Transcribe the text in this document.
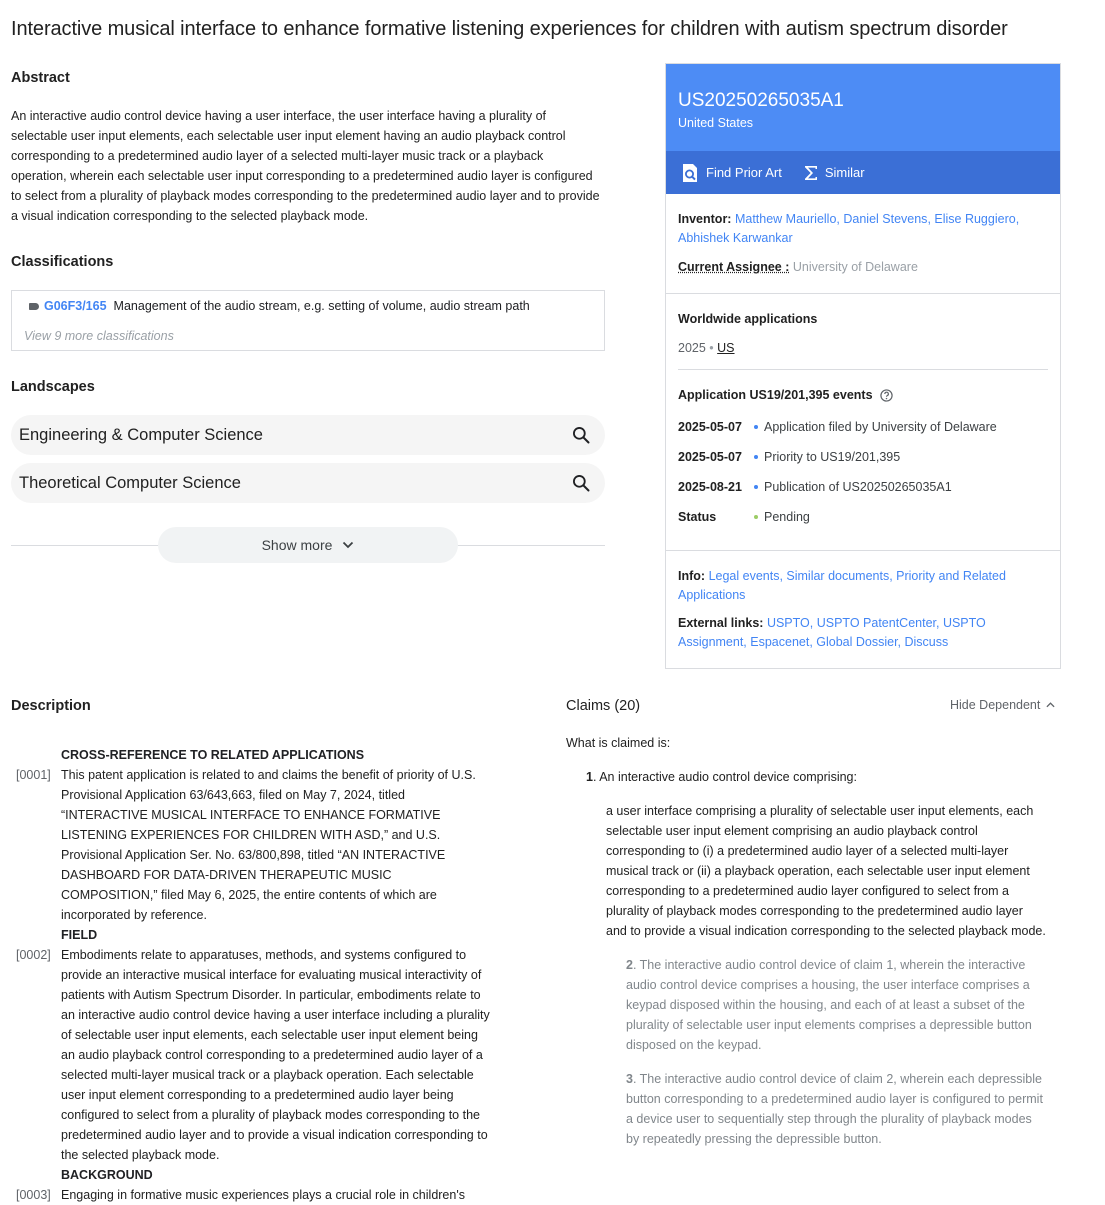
Interactive musical interface to enhance formative listening experiences for children with autism spectrum disorder
Abstract
An interactive audio control device having a user interface, the user interface having a plurality of selectable user input elements, each selectable user input element having an audio playback control corresponding to a predetermined audio layer of a selected multi-layer music track or a playback operation, wherein each selectable user input corresponding to a predetermined audio layer is configured to select from a plurality of playback modes corresponding to the predetermined audio layer and to provide a visual indication corresponding to the selected playback mode.
Classifications
G06F3/165 Management of the audio stream, e.g. setting of volume, audio stream path
View 9 more classifications
Landscapes
Engineering & Computer Science
Theoretical Computer Science
Show more
US20250265035A1
United States
Find Prior Art	Similar
Inventor: Matthew Mauriello, Daniel Stevens, Elise Ruggiero, Abhishek Karwankar
Current Assignee : University of Delaware
Worldwide applications
2025 • US
Application US19/201,395 events
2025-05-07	Application filed by University of Delaware
2025-05-07	Priority to US19/201,395
2025-08-21	Publication of US20250265035A1
Status	Pending
Info: Legal events, Similar documents, Priority and Related Applications
External links: USPTO, USPTO PatentCenter, USPTO Assignment, Espacenet, Global Dossier, Discuss
Description
CROSS-REFERENCE TO RELATED APPLICATIONS
[0001] This patent application is related to and claims the benefit of priority of U.S. Provisional Application 63/643,663, filed on May 7, 2024, titled “INTERACTIVE MUSICAL INTERFACE TO ENHANCE FORMATIVE LISTENING EXPERIENCES FOR CHILDREN WITH ASD,” and U.S. Provisional Application Ser. No. 63/800,898, titled “AN INTERACTIVE DASHBOARD FOR DATA-DRIVEN THERAPEUTIC MUSIC COMPOSITION,” filed May 6, 2025, the entire contents of which are incorporated by reference.
FIELD
[0002] Embodiments relate to apparatuses, methods, and systems configured to provide an interactive musical interface for evaluating musical interactivity of patients with Autism Spectrum Disorder. In particular, embodiments relate to an interactive audio control device having a user interface including a plurality of selectable user input elements, each selectable user input element being an audio playback control corresponding to a predetermined audio layer of a selected multi-layer musical track or a playback operation. Each selectable user input element corresponding to a predetermined audio layer being configured to select from a plurality of playback modes corresponding to the predetermined audio layer and to provide a visual indication corresponding to the selected playback mode.
BACKGROUND
[0003] Engaging in formative music experiences plays a crucial role in children's
Claims (20)	Hide Dependent
What is claimed is:
1. An interactive audio control device comprising:
a user interface comprising a plurality of selectable user input elements, each selectable user input element comprising an audio playback control corresponding to (i) a predetermined audio layer of a selected multi-layer musical track or (ii) a playback operation, each selectable user input element corresponding to a predetermined audio layer configured to select from a plurality of playback modes corresponding to the predetermined audio layer and to provide a visual indication corresponding to the selected playback mode.
2. The interactive audio control device of claim 1, wherein the interactive audio control device comprises a housing, the user interface comprises a keypad disposed within the housing, and each of at least a subset of the plurality of selectable user input elements comprises a depressible button disposed on the keypad.
3. The interactive audio control device of claim 2, wherein each depressible button corresponding to a predetermined audio layer is configured to permit a device user to sequentially step through the plurality of playback modes by repeatedly pressing the depressible button.
